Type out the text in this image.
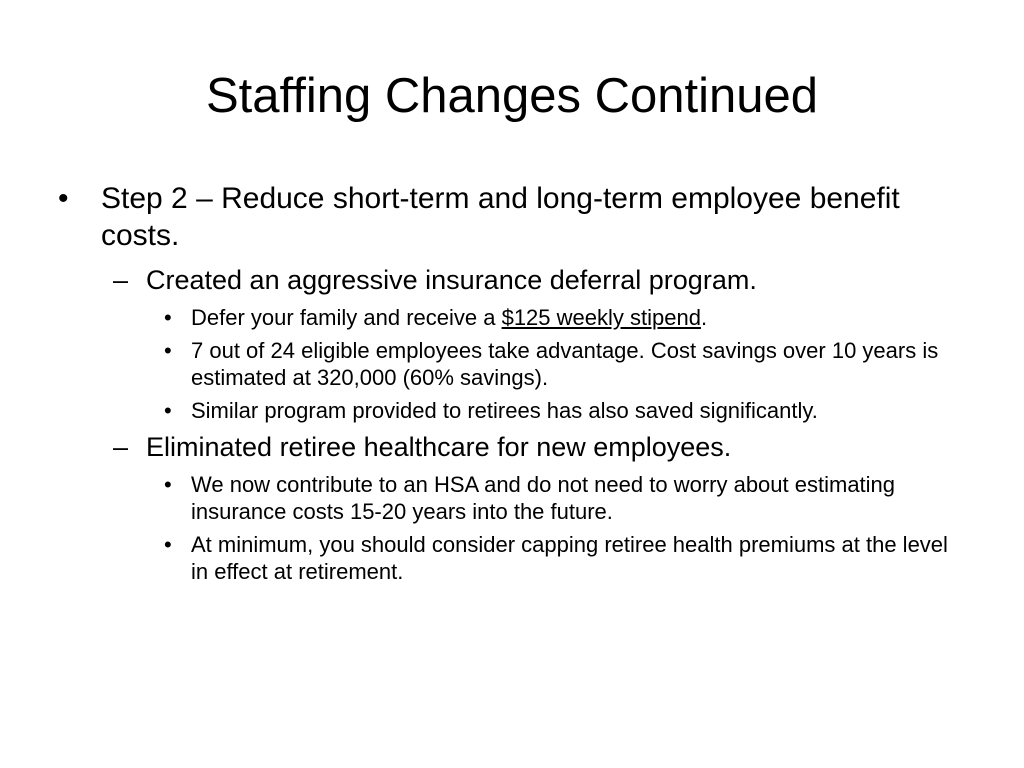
Staffing Changes Continued
• Step 2 – Reduce short-term and long-term employee benefit costs.
– Created an aggressive insurance deferral program.
• Defer your family and receive a $125 weekly stipend.
• 7 out of 24 eligible employees take advantage. Cost savings over 10 years is estimated at 320,000 (60% savings).
• Similar program provided to retirees has also saved significantly.
– Eliminated retiree healthcare for new employees.
• We now contribute to an HSA and do not need to worry about estimating insurance costs 15-20 years into the future.
• At minimum, you should consider capping retiree health premiums at the level in effect at retirement.
